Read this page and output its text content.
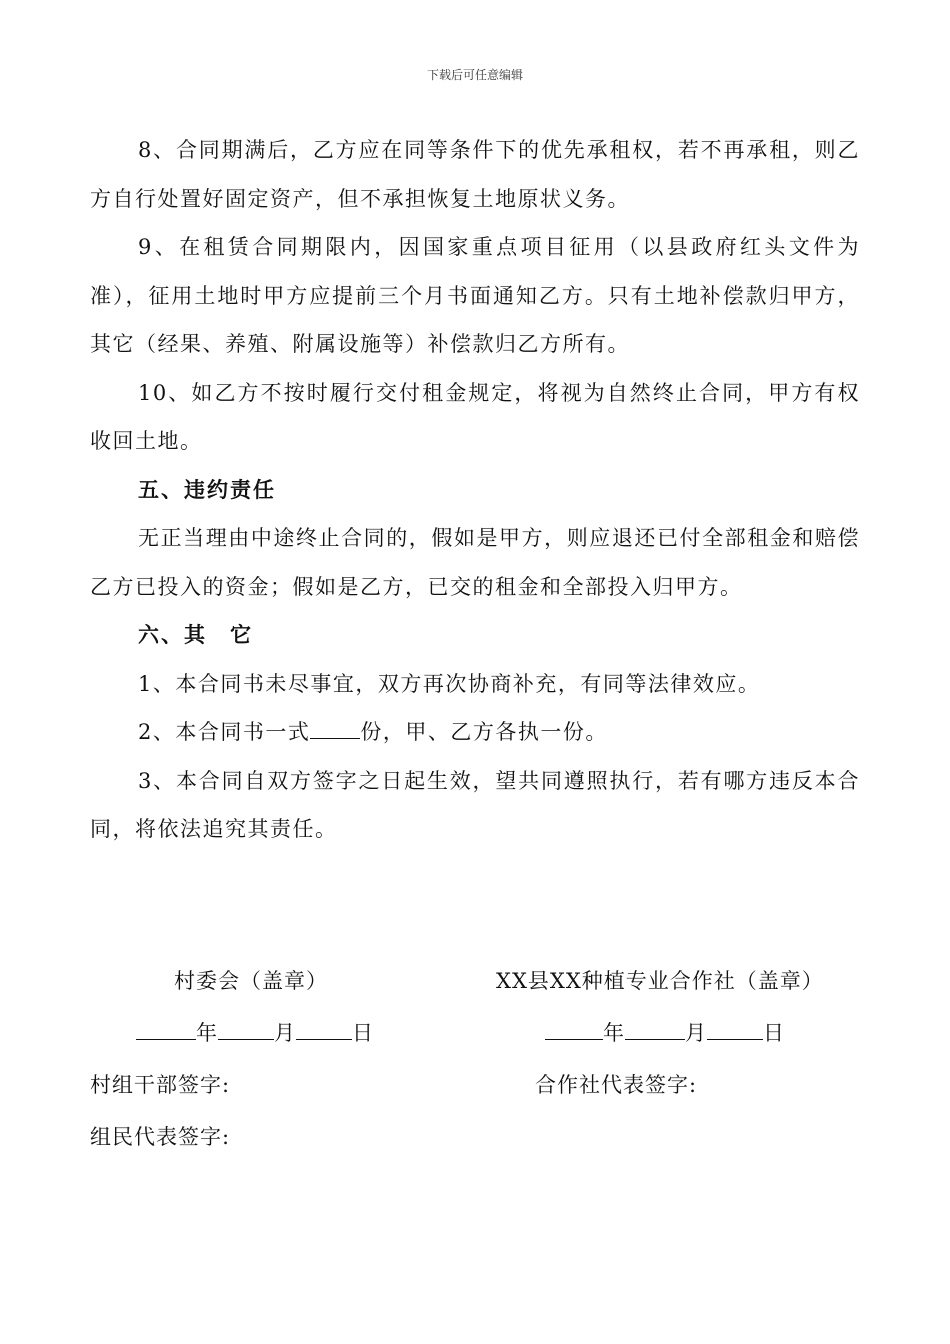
下载后可任意编辑

8、合同期满后，乙方应在同等条件下的优先承租权，若不再承租，则乙方自行处置好固定资产，但不承担恢复土地原状义务。

9、在租赁合同期限内，因国家重点项目征用（以县政府红头文件为准），征用土地时甲方应提前三个月书面通知乙方。只有土地补偿款归甲方，其它（经果、养殖、附属设施等）补偿款归乙方所有。

10、如乙方不按时履行交付租金规定，将视为自然终止合同，甲方有权收回土地。

五、违约责任

无正当理由中途终止合同的，假如是甲方，则应退还已付全部租金和赔偿乙方已投入的资金；假如是乙方，已交的租金和全部投入归甲方。

六、其　它

1、本合同书未尽事宜，双方再次协商补充，有同等法律效应。

2、本合同书一式 份，甲、乙方各执一份。

3、本合同自双方签字之日起生效，望共同遵照执行，若有哪方违反本合同，将依法追究其责任。

村委会（盖章）	XX县XX种植专业合作社（盖章）
年	月	日	年	月	日
村组干部签字:	合作社代表签字:
组民代表签字:
